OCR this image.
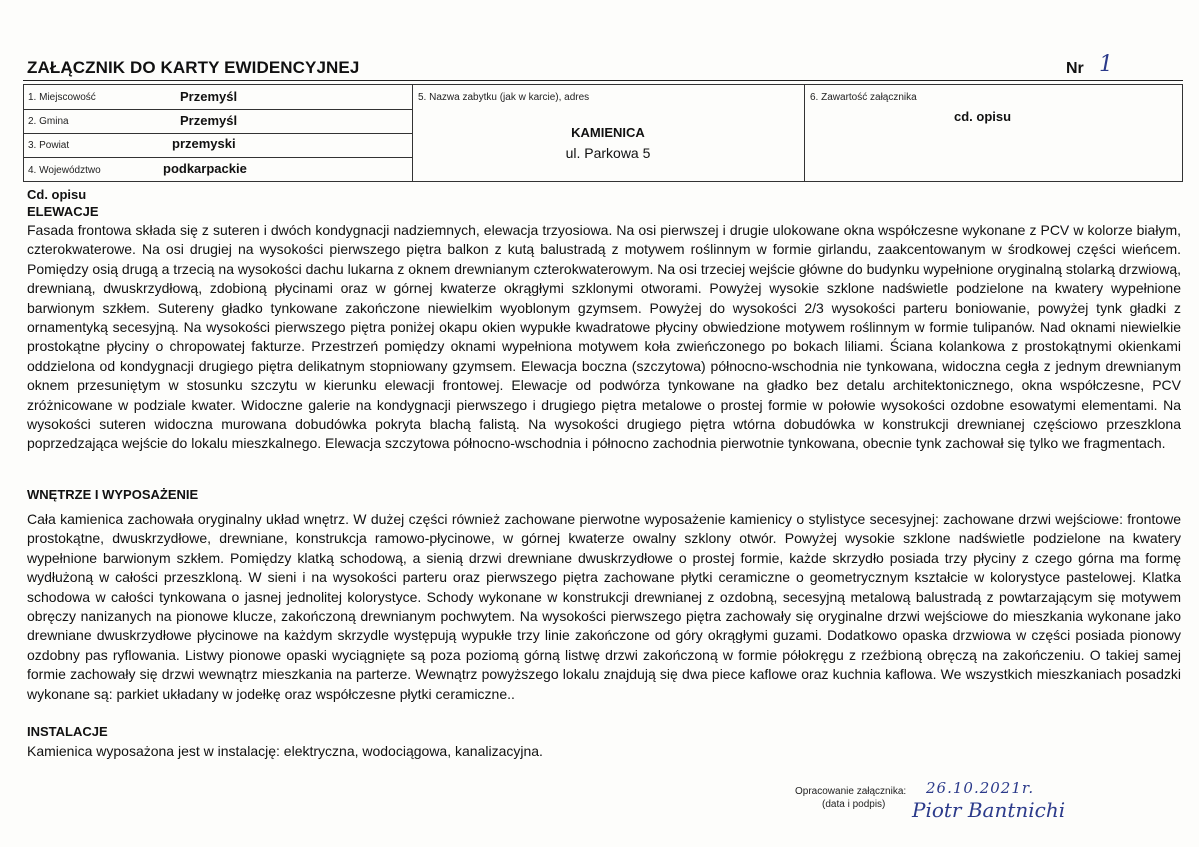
ZAŁĄCZNIK DO KARTY EWIDENCYJNEJ	Nr 1
1. Miejscowość	Przemyśl
2. Gmina	Przemyśl
3. Powiat	przemyski
4. Województwo	podkarpackie
5. Nazwa zabytku (jak w karcie), adres
KAMIENICA
ul. Parkowa 5
6. Zawartość załącznika
cd. opisu
Cd. opisu
ELEWACJE
Fasada frontowa składa się z suteren i dwóch kondygnacji nadziemnych, elewacja trzyosiowa. Na osi pierwszej i drugie ulokowane okna współczesne wykonane z PCV w kolorze białym, czterokwaterowe. Na osi drugiej na wysokości pierwszego piętra balkon z kutą balustradą z motywem roślinnym w formie girlandu, zaakcentowanym w środkowej części wieńcem. Pomiędzy osią drugą a trzecią na wysokości dachu lukarna z oknem drewnianym czterokwaterowym. Na osi trzeciej wejście główne do budynku wypełnione oryginalną stolarką drzwiową, drewnianą, dwuskrzydłową, zdobioną płycinami oraz w górnej kwaterze okrągłymi szklonymi otworami. Powyżej wysokie szklone nadświetle podzielone na kwatery wypełnione barwionym szkłem. Sutereny gładko tynkowane zakończone niewielkim wyoblonym gzymsem. Powyżej do wysokości 2/3 wysokości parteru boniowanie, powyżej tynk gładki z ornamentyką secesyjną. Na wysokości pierwszego piętra poniżej okapu okien wypukłe kwadratowe płyciny obwiedzione motywem roślinnym w formie tulipanów. Nad oknami niewielkie prostokątne płyciny o chropowatej fakturze. Przestrzeń pomiędzy oknami wypełniona motywem koła zwieńczonego po bokach liliami. Ściana kolankowa z prostokątnymi okienkami oddzielona od kondygnacji drugiego piętra delikatnym stopniowany gzymsem. Elewacja boczna (szczytowa) północno-wschodnia nie tynkowana, widoczna cegła z jednym drewnianym oknem przesuniętym w stosunku szczytu w kierunku elewacji frontowej. Elewacje od podwórza tynkowane na gładko bez detalu architektonicznego, okna współczesne, PCV zróżnicowane w podziale kwater. Widoczne galerie na kondygnacji pierwszego i drugiego piętra metalowe o prostej formie w połowie wysokości ozdobne esowatymi elementami. Na wysokości suteren widoczna murowana dobudówka pokryta blachą falistą. Na wysokości drugiego piętra wtórna dobudówka w konstrukcji drewnianej częściowo przeszklona poprzedzająca wejście do lokalu mieszkalnego. Elewacja szczytowa północno-wschodnia i północno zachodnia pierwotnie tynkowana, obecnie tynk zachował się tylko we fragmentach.
WNĘTRZE I WYPOSAŻENIE
Cała kamienica zachowała oryginalny układ wnętrz. W dużej części również zachowane pierwotne wyposażenie kamienicy o stylistyce secesyjnej: zachowane drzwi wejściowe: frontowe prostokątne, dwuskrzydłowe, drewniane, konstrukcja ramowo-płycinowe, w górnej kwaterze owalny szklony otwór. Powyżej wysokie szklone nadświetle podzielone na kwatery wypełnione barwionym szkłem. Pomiędzy klatką schodową, a sienią drzwi drewniane dwuskrzydłowe o prostej formie, każde skrzydło posiada trzy płyciny z czego górna ma formę wydłużoną w całości przeszkloną. W sieni i na wysokości parteru oraz pierwszego piętra zachowane płytki ceramiczne o geometrycznym kształcie w kolorystyce pastelowej. Klatka schodowa w całości tynkowana o jasnej jednolitej kolorystyce. Schody wykonane w konstrukcji drewnianej z ozdobną, secesyjną metalową balustradą z powtarzającym się motywem obręczy nanizanych na pionowe klucze, zakończoną drewnianym pochwytem. Na wysokości pierwszego piętra zachowały się oryginalne drzwi wejściowe do mieszkania wykonane jako drewniane dwuskrzydłowe płycinowe na każdym skrzydle występują wypukłe trzy linie zakończone od góry okrągłymi guzami. Dodatkowo opaska drzwiowa w części posiada pionowy ozdobny pas ryflowania. Listwy pionowe opaski wyciągnięte są poza poziomą górną listwę drzwi zakończoną w formie półokręgu z rzeźbioną obręczą na zakończeniu. O takiej samej formie zachowały się drzwi wewnątrz mieszkania na parterze. Wewnątrz powyższego lokalu znajdują się dwa piece kaflowe oraz kuchnia kaflowa. We wszystkich mieszkaniach posadzki wykonane są: parkiet układany w jodełkę oraz współczesne płytki ceramiczne..
INSTALACJE
Kamienica wyposażona jest w instalację: elektryczna, wodociągowa, kanalizacyjna.
Opracowanie załącznika:
(data i podpis)
26.10.2021r.
Piotr Bantnichi
